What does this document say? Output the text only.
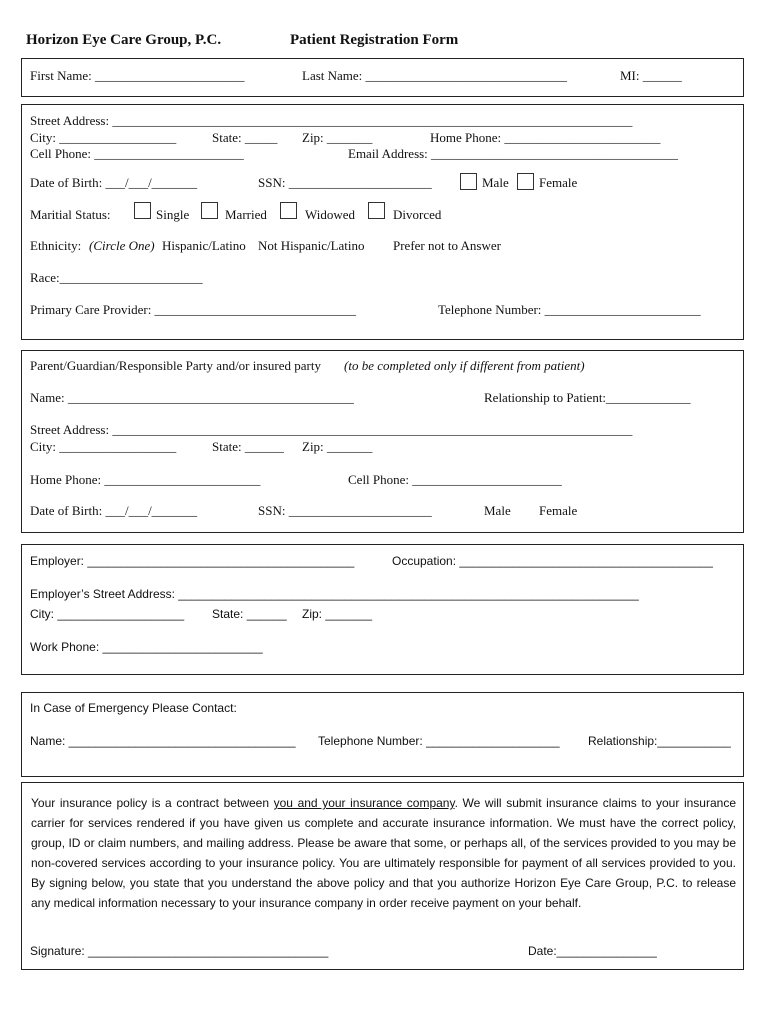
Horizon Eye Care Group, P.C.	Patient Registration Form
First Name: _______________________	Last Name: _______________________________	MI: ______
Street Address: ________________________________________________________________________________
City: __________________	State: _____ Zip: _______	Home Phone: ________________________
Cell Phone: _______________________	Email Address: ______________________________________
Date of Birth: ___/___/_______	SSN: ______________________	Male Female
Maritial Status:	Single	Married	Widowed	Divorced
Ethnicity: (Circle One) Hispanic/Latino Not Hispanic/Latino Prefer not to Answer
Race:______________________
Primary Care Provider: _______________________________	Telephone Number: ________________________
Parent/Guardian/Responsible Party and/or insured party (to be completed only if different from patient)
Name: ____________________________________________	Relationship to Patient:_____________
Street Address: ________________________________________________________________________________
City: __________________	State: ______ Zip: _______
Home Phone: ________________________	Cell Phone: _______________________
Date of Birth: ___/___/_______	SSN: ______________________	Male Female
Employer: ________________________________________	Occupation: ______________________________________
Employer’s Street Address: _____________________________________________________________________
City: ___________________ State: ______ Zip: _______
Work Phone: ________________________
In Case of Emergency Please Contact:
Name: __________________________________ Telephone Number: ____________________ Relationship:___________
Your insurance policy is a contract between you and your insurance company. We will submit insurance claims to your insurance carrier for services rendered if you have given us complete and accurate insurance information. We must have the correct policy, group, ID or claim numbers, and mailing address. Please be aware that some, or perhaps all, of the services provided to you may be non-covered services according to your insurance policy. You are ultimately responsible for payment of all services provided to you. By signing below, you state that you understand the above policy and that you authorize Horizon Eye Care Group, P.C. to release any medical information necessary to your insurance company in order receive payment on your behalf.
Signature: ____________________________________	Date:_______________
